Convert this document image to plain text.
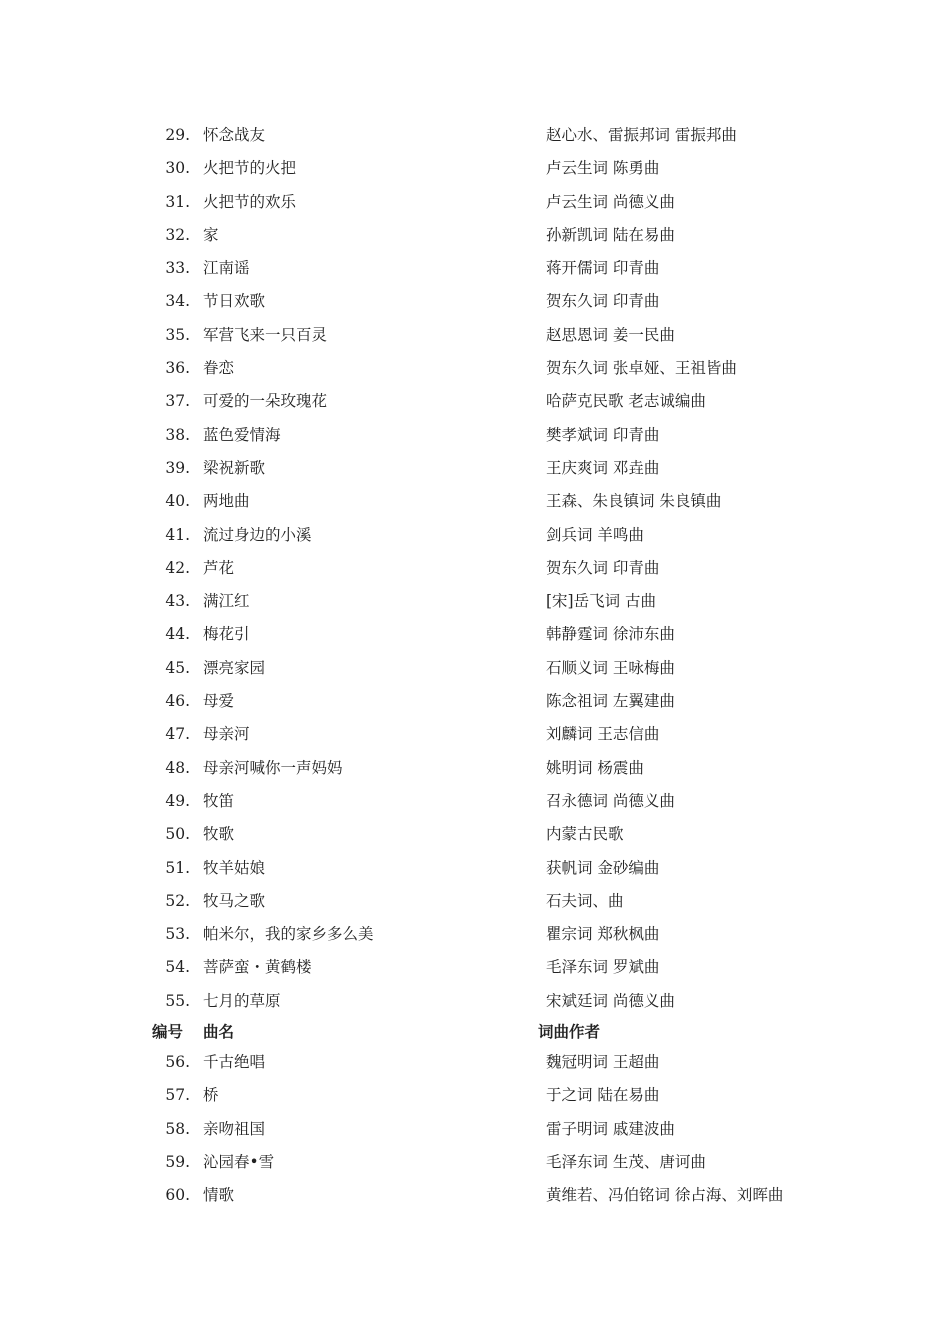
29. 怀念战友	赵心水、雷振邦词 雷振邦曲
30. 火把节的火把	卢云生词 陈勇曲
31. 火把节的欢乐	卢云生词 尚德义曲
32. 家	孙新凯词 陆在易曲
33. 江南谣	蒋开儒词 印青曲
34. 节日欢歌	贺东久词 印青曲
35. 军营飞来一只百灵	赵思恩词 姜一民曲
36. 眷恋	贺东久词 张卓娅、王祖皆曲
37. 可爱的一朵玫瑰花	哈萨克民歌 老志诚编曲
38. 蓝色爱情海	樊孝斌词 印青曲
39. 梁祝新歌	王庆爽词 邓垚曲
40. 两地曲	王森、朱良镇词 朱良镇曲
41. 流过身边的小溪	剑兵词 羊鸣曲
42. 芦花	贺东久词 印青曲
43. 满江红	[宋]岳飞词 古曲
44. 梅花引	韩静霆词 徐沛东曲
45. 漂亮家园	石顺义词 王咏梅曲
46. 母爱	陈念祖词 左翼建曲
47. 母亲河	刘麟词 王志信曲
48. 母亲河喊你一声妈妈	姚明词 杨震曲
49. 牧笛	召永德词 尚德义曲
50. 牧歌	内蒙古民歌
51. 牧羊姑娘	获帆词 金砂编曲
52. 牧马之歌	石夫词、曲
53. 帕米尔，我的家乡多么美	瞿宗词 郑秋枫曲
54. 菩萨蛮・黄鹤楼	毛泽东词 罗斌曲
55. 七月的草原	宋斌廷词 尚德义曲
编号 曲名	词曲作者
56. 千古绝唱	魏冠明词 王超曲
57. 桥	于之词 陆在易曲
58. 亲吻祖国	雷子明词 戚建波曲
59. 沁园春•雪	毛泽东词 生茂、唐诃曲
60. 情歌	黄维若、冯伯铭词 徐占海、刘晖曲
